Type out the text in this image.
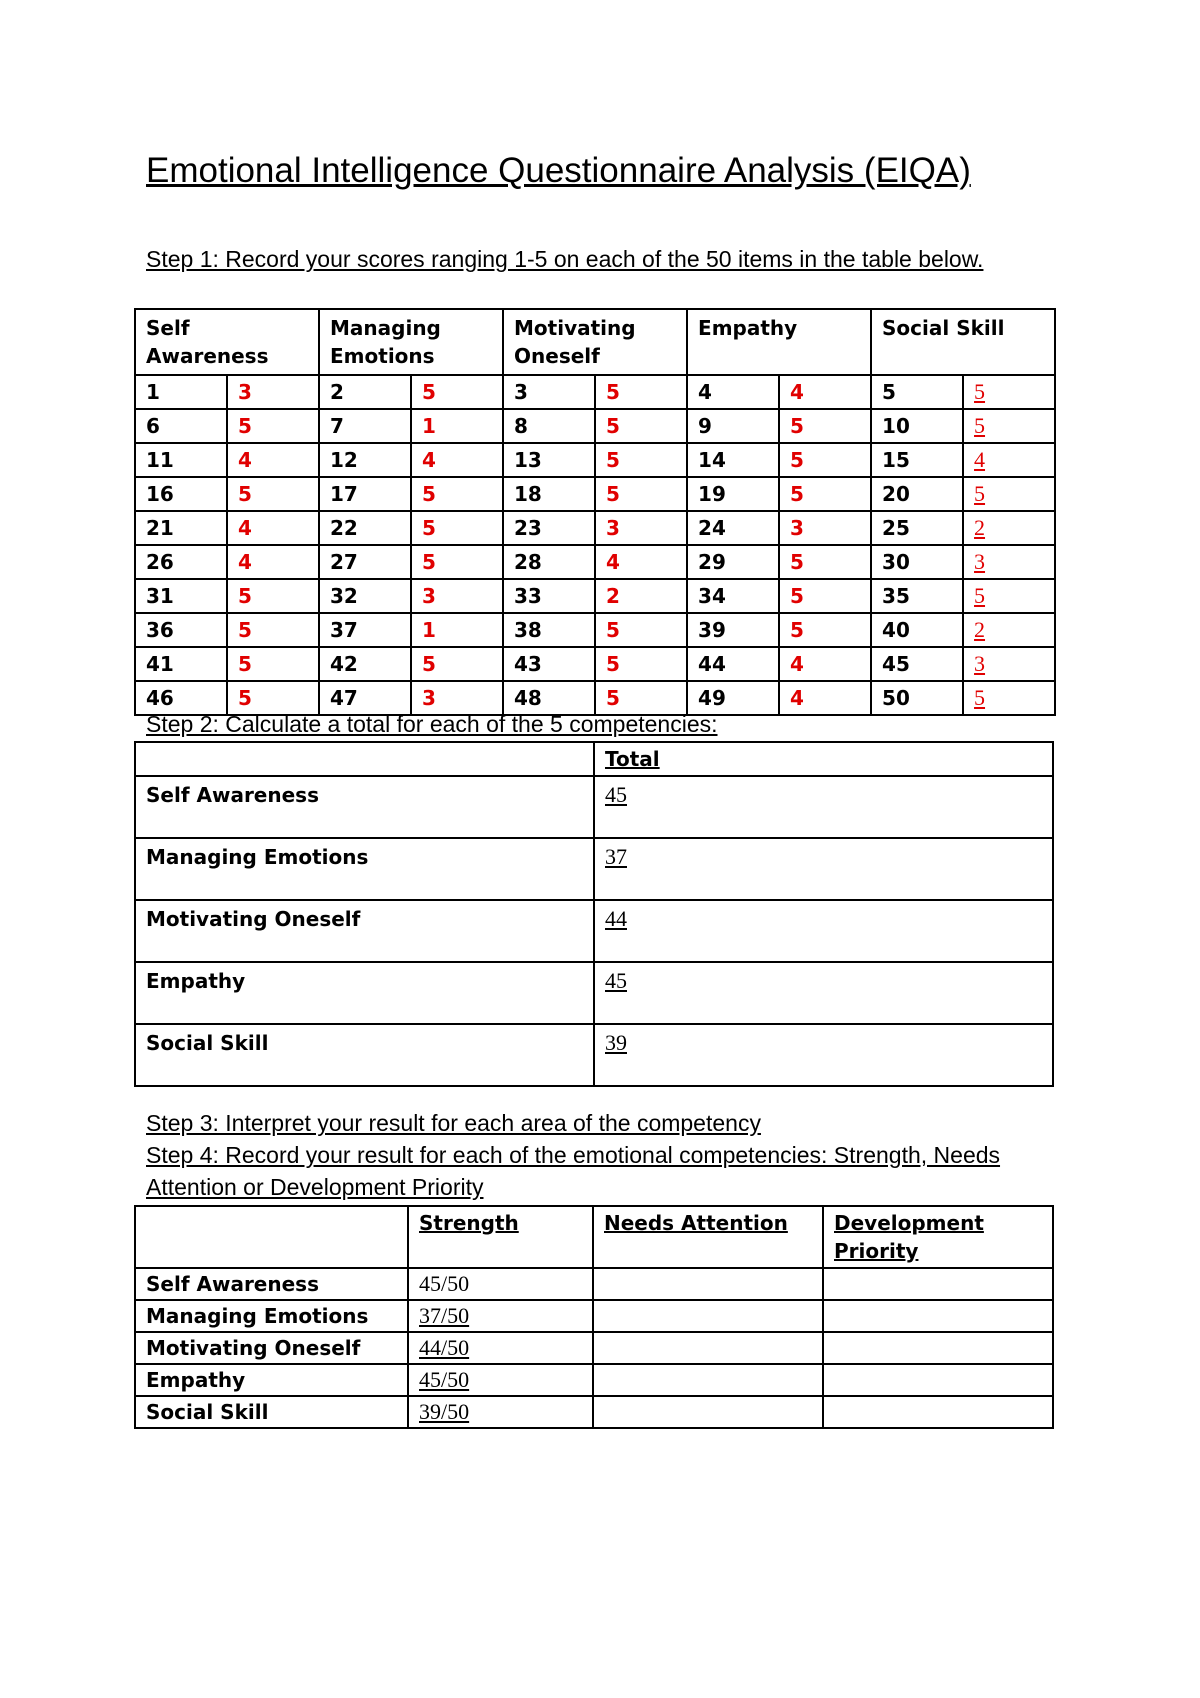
Emotional Intelligence Questionnaire Analysis (EIQA)

Step 1: Record your scores ranging 1-5 on each of the 50 items in the table below.

Self Awareness		Managing Emotions		Motivating Oneself		Empathy		Social Skill	
1	3	2	5	3	5	4	4	5	5
6	5	7	1	8	5	9	5	10	5
11	4	12	4	13	5	14	5	15	4
16	5	17	5	18	5	19	5	20	5
21	4	22	5	23	3	24	3	25	2
26	4	27	5	28	4	29	5	30	3
31	5	32	3	33	2	34	5	35	5
36	5	37	1	38	5	39	5	40	2
41	5	42	5	43	5	44	4	45	3
46	5	47	3	48	5	49	4	50	5

Step 2: Calculate a total for each of the 5 competencies:

	Total
Self Awareness	45
Managing Emotions	37
Motivating Oneself	44
Empathy	45
Social Skill	39

Step 3: Interpret your result for each area of the competency

Step 4: Record your result for each of the emotional competencies: Strength, Needs Attention or Development Priority

	Strength	Needs Attention	Development Priority
Self Awareness	45/50		
Managing Emotions	37/50		
Motivating Oneself	44/50		
Empathy	45/50		
Social Skill	39/50		
